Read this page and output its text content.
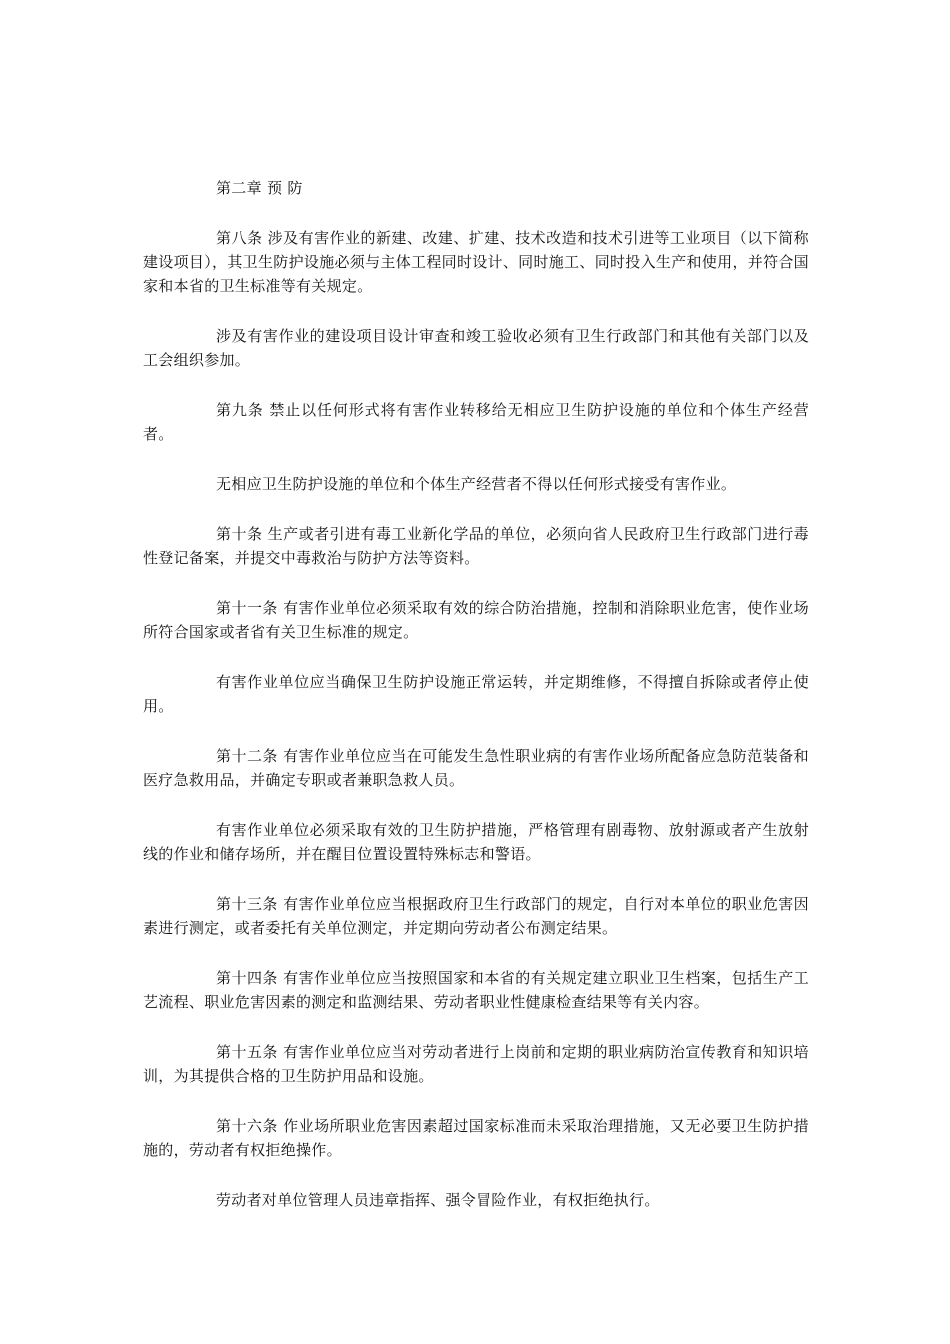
第二章 预 防

第八条 涉及有害作业的新建、改建、扩建、技术改造和技术引进等工业项目（以下简称建设项目），其卫生防护设施必须与主体工程同时设计、同时施工、同时投入生产和使用，并符合国家和本省的卫生标准等有关规定。

涉及有害作业的建设项目设计审查和竣工验收必须有卫生行政部门和其他有关部门以及工会组织参加。

第九条 禁止以任何形式将有害作业转移给无相应卫生防护设施的单位和个体生产经营者。

无相应卫生防护设施的单位和个体生产经营者不得以任何形式接受有害作业。

第十条 生产或者引进有毒工业新化学品的单位，必须向省人民政府卫生行政部门进行毒性登记备案，并提交中毒救治与防护方法等资料。

第十一条 有害作业单位必须采取有效的综合防治措施，控制和消除职业危害，使作业场所符合国家或者省有关卫生标准的规定。

有害作业单位应当确保卫生防护设施正常运转，并定期维修，不得擅自拆除或者停止使用。

第十二条 有害作业单位应当在可能发生急性职业病的有害作业场所配备应急防范装备和医疗急救用品，并确定专职或者兼职急救人员。

有害作业单位必须采取有效的卫生防护措施，严格管理有剧毒物、放射源或者产生放射线的作业和储存场所，并在醒目位置设置特殊标志和警语。

第十三条 有害作业单位应当根据政府卫生行政部门的规定，自行对本单位的职业危害因素进行测定，或者委托有关单位测定，并定期向劳动者公布测定结果。

第十四条 有害作业单位应当按照国家和本省的有关规定建立职业卫生档案，包括生产工艺流程、职业危害因素的测定和监测结果、劳动者职业性健康检查结果等有关内容。

第十五条 有害作业单位应当对劳动者进行上岗前和定期的职业病防治宣传教育和知识培训，为其提供合格的卫生防护用品和设施。

第十六条 作业场所职业危害因素超过国家标准而未采取治理措施，又无必要卫生防护措施的，劳动者有权拒绝操作。

劳动者对单位管理人员违章指挥、强令冒险作业，有权拒绝执行。
